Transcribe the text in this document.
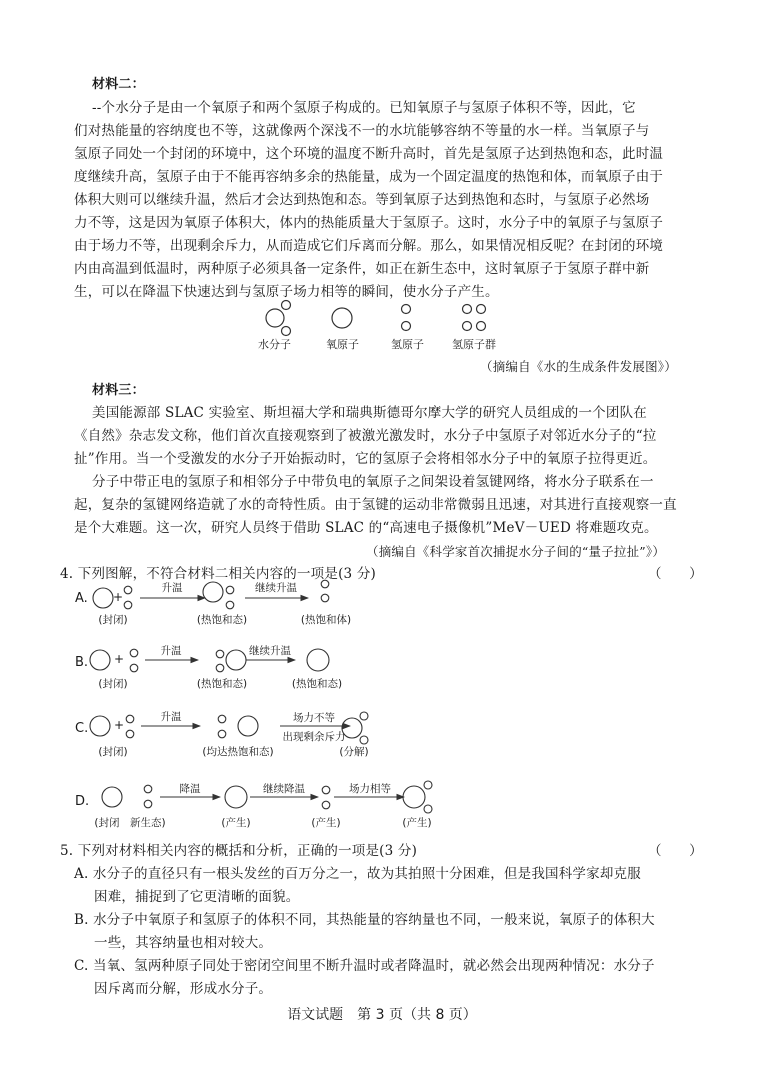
材料二：
--个水分子是由一个氧原子和两个氢原子构成的。已知氧原子与氢原子体积不等，因此，它
们对热能量的容纳度也不等，这就像两个深浅不一的水坑能够容纳不等量的水一样。当氧原子与
氢原子同处一个封闭的环境中，这个环境的温度不断升高时，首先是氢原子达到热饱和态，此时温
度继续升高，氢原子由于不能再容纳多余的热能量，成为一个固定温度的热饱和体，而氧原子由于
体积大则可以继续升温，然后才会达到热饱和态。等到氧原子达到热饱和态时，与氢原子必然场
力不等，这是因为氧原子体积大，体内的热能质量大于氢原子。这时，水分子中的氧原子与氢原子
由于场力不等，出现剩余斥力，从而造成它们斥离而分解。那么，如果情况相反呢？在封闭的环境
内由高温到低温时，两种原子必须具备一定条件，如正在新生态中，这时氧原子于氢原子群中新
生，可以在降温下快速达到与氢原子场力相等的瞬间，使水分子产生。
水分子	氧原子	氢原子	氢原子群
（摘编自《水的生成条件发展图》）
材料三：
美国能源部 SLAC 实验室、斯坦福大学和瑞典斯德哥尔摩大学的研究人员组成的一个团队在
《自然》杂志发文称，他们首次直接观察到了被激光激发时，水分子中氢原子对邻近水分子的“拉
扯”作用。当一个受激发的水分子开始振动时，它的氢原子会将相邻水分子中的氧原子拉得更近。
分子中带正电的氢原子和相邻分子中带负电的氧原子之间架设着氢键网络，将水分子联系在一
起，复杂的氢键网络造就了水的奇特性质。由于氢键的运动非常微弱且迅速，对其进行直接观察一直
是个大难题。这一次，研究人员终于借助 SLAC 的“高速电子摄像机”MeV－UED 将难题攻克。
（摘编自《科学家首次捕捉水分子间的“量子拉扯”》）
4. 下列图解，不符合材料二相关内容的一项是(3 分)	（　　）
A.
B.
C.
D.
+
+
+
升温	继续升温
(封闭)	(热饱和态)	(热饱和体)
升温	继续升温
(封闭)	(热饱和态)	(热饱和态)
升温	场力不等
出现剩余斥力
(封闭)	(均达热饱和态)	(分解)
降温	继续降温	场力相等
(封闭　新生态)	(产生)	(产生)	(产生)
5. 下列对材料相关内容的概括和分析，正确的一项是(3 分)	（　　）
A. 水分子的直径只有一根头发丝的百万分之一，故为其拍照十分困难，但是我国科学家却克服
困难，捕捉到了它更清晰的面貌。
B. 水分子中氧原子和氢原子的体积不同，其热能量的容纳量也不同，一般来说，氧原子的体积大
一些，其容纳量也相对较大。
C. 当氧、氢两种原子同处于密闭空间里不断升温时或者降温时，就必然会出现两种情况：水分子
因斥离而分解，形成水分子。
语文试题　第 3 页（共 8 页）
